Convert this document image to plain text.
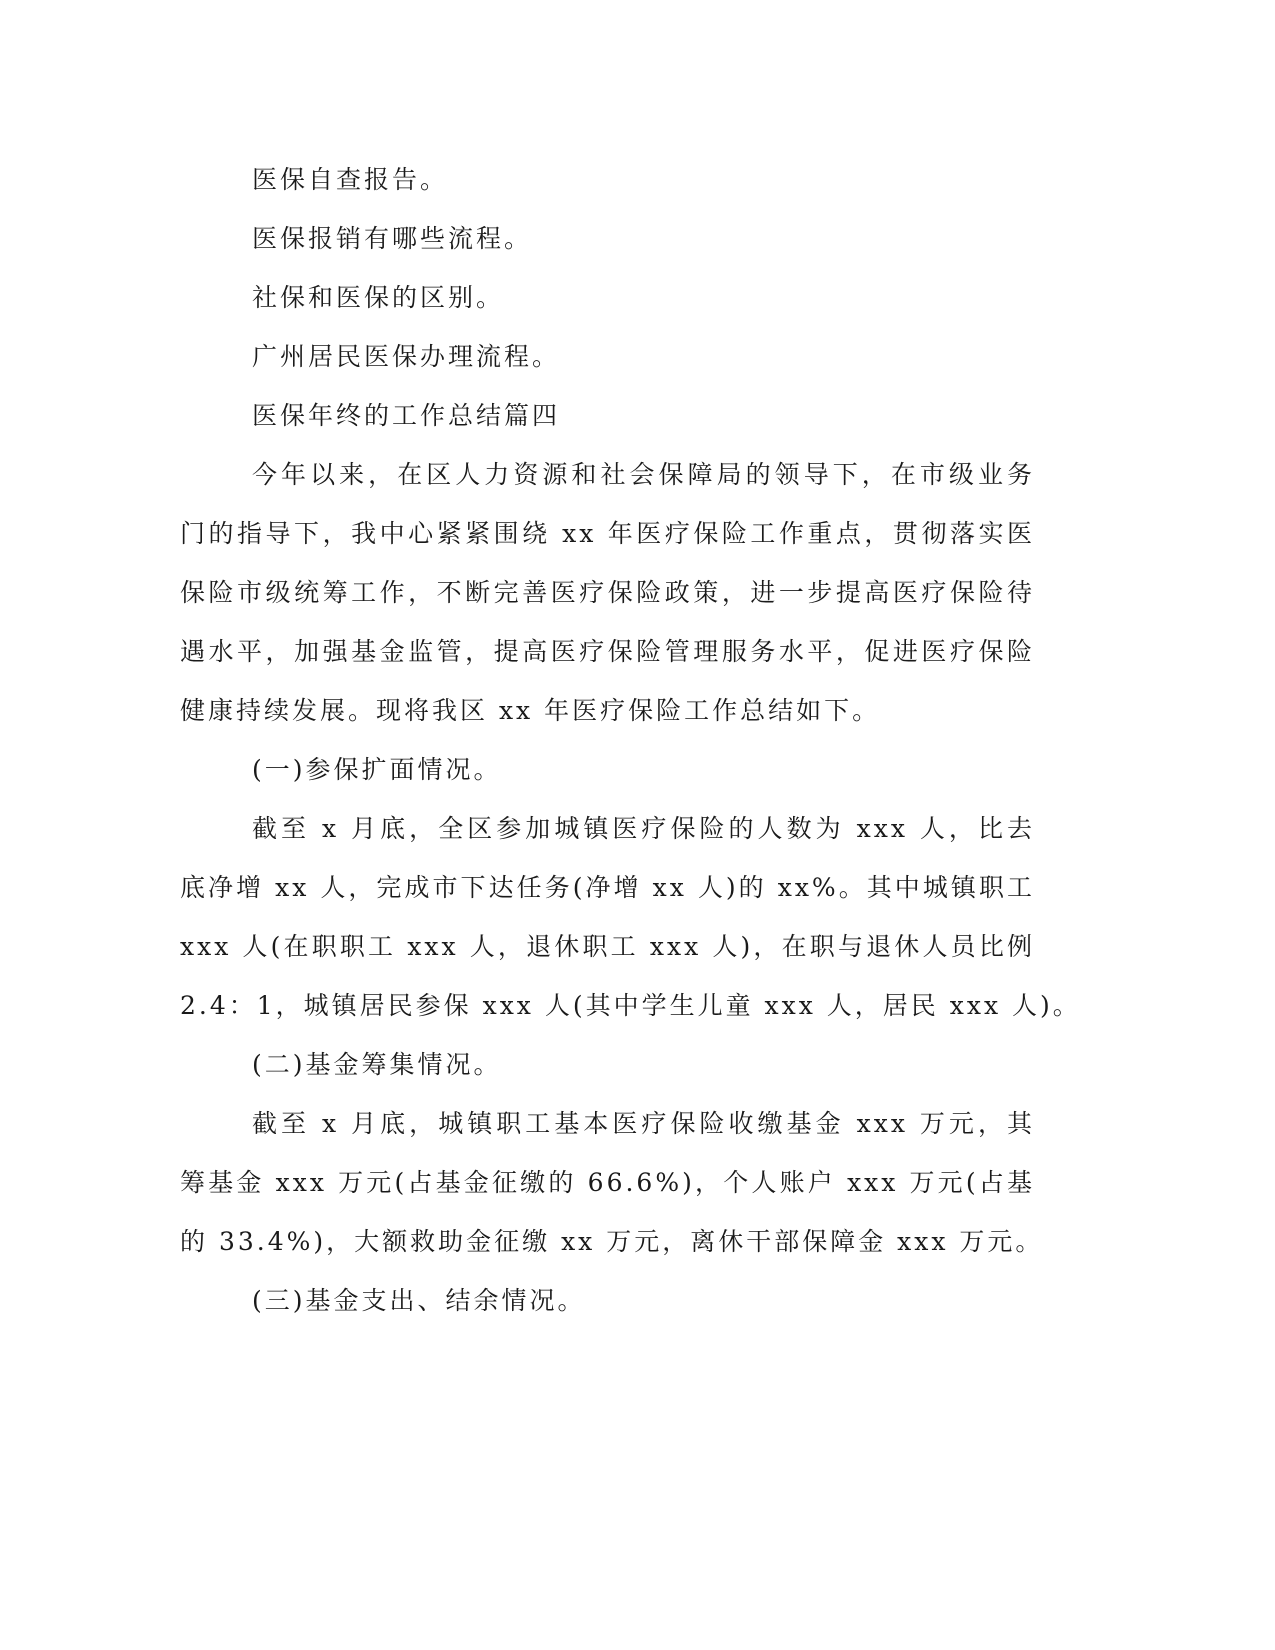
医保自查报告。
医保报销有哪些流程。
社保和医保的区别。
广州居民医保办理流程。
医保年终的工作总结篇四
今年以来，在区人力资源和社会保障局的领导下，在市级业务
门的指导下，我中心紧紧围绕 xx 年医疗保险工作重点，贯彻落实医
保险市级统筹工作，不断完善医疗保险政策，进一步提高医疗保险待
遇水平，加强基金监管，提高医疗保险管理服务水平，促进医疗保险
健康持续发展。现将我区 xx 年医疗保险工作总结如下。
(一)参保扩面情况。
截至 x 月底，全区参加城镇医疗保险的人数为 xxx 人，比去
底净增 xx 人，完成市下达任务(净增 xx 人)的 xx%。其中城镇职工
xxx 人(在职职工 xxx 人，退休职工 xxx 人)，在职与退休人员比例
2.4：1，城镇居民参保 xxx 人(其中学生儿童 xxx 人，居民 xxx 人)。
(二)基金筹集情况。
截至 x 月底，城镇职工基本医疗保险收缴基金 xxx 万元，其
筹基金 xxx 万元(占基金征缴的 66.6%)，个人账户 xxx 万元(占基
的 33.4%)，大额救助金征缴 xx 万元，离休干部保障金 xxx 万元。
(三)基金支出、结余情况。
